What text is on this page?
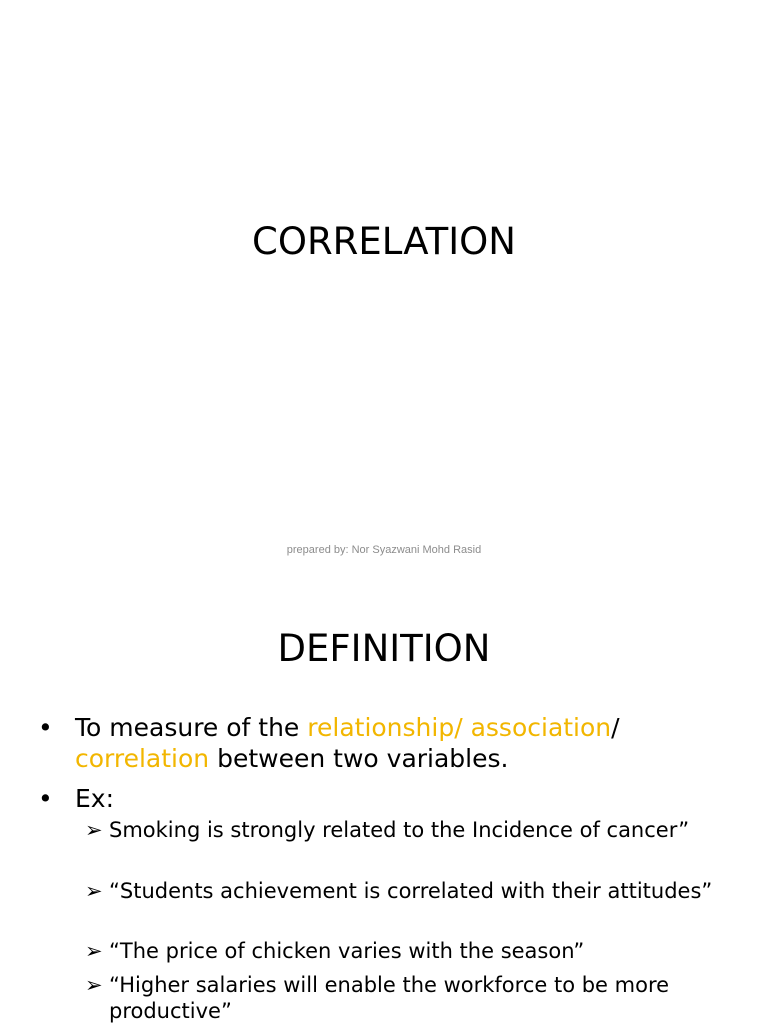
CORRELATION
prepared by: Nor Syazwani Mohd Rasid
DEFINITION
• To measure of the relationship/ association/
correlation between two variables.
• Ex:
➢ Smoking is strongly related to the Incidence of cancer”
➢ “Students achievement is correlated with their attitudes”
➢ “The price of chicken varies with the season”
➢ “Higher salaries will enable the workforce to be more productive”
